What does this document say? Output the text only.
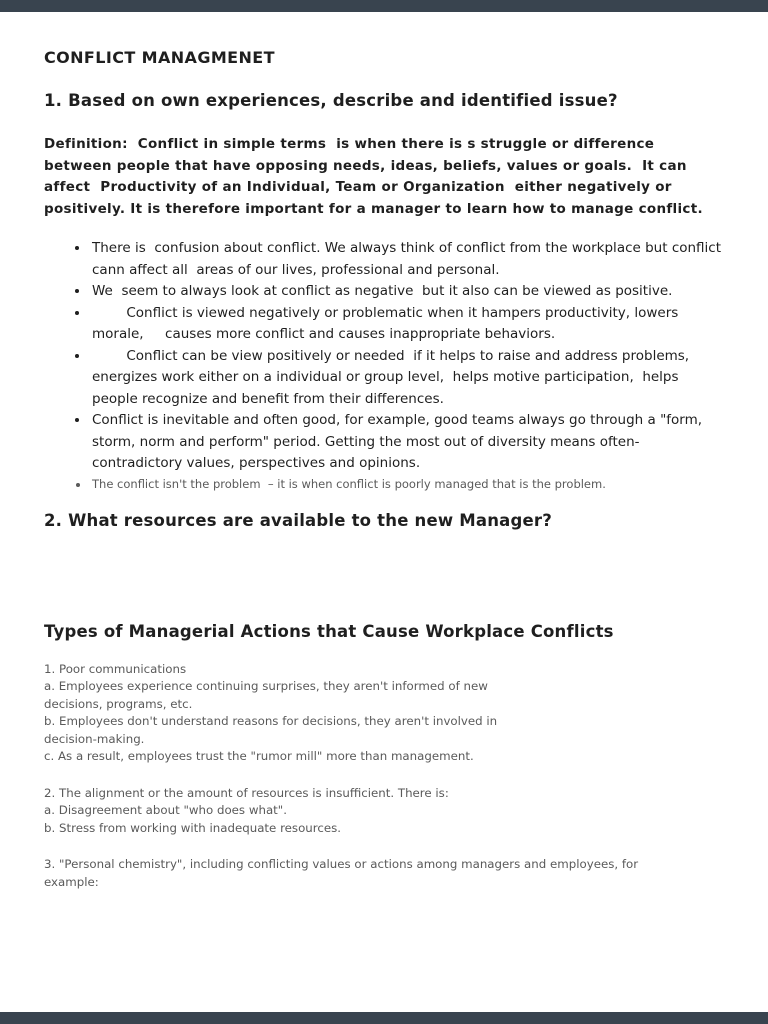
CONFLICT MANAGMENET
1. Based on own experiences, describe and identified issue?

Definition:  Conflict in simple terms  is when there is s struggle or difference between people that have opposing needs, ideas, beliefs, values or goals.  It can affect  Productivity of an Individual, Team or Organization  either negatively or positively. It is therefore important for a manager to learn how to manage conflict.

• There is  confusion about conflict. We always think of conflict from the workplace but conflict cann affect all  areas of our lives, professional and personal.
• We  seem to always look at conflict as negative  but it also can be viewed as positive.
•         Conflict is viewed negatively or problematic when it hampers productivity, lowers morale,     causes more conflict and causes inappropriate behaviors.
•         Conflict can be view positively or needed  if it helps to raise and address problems,   energizes work either on a individual or group level,  helps motive participation,  helps      people recognize and benefit from their differences.
• Conflict is inevitable and often good, for example, good teams always go through a "form, storm, norm and perform" period. Getting the most out of diversity means often-contradictory values, perspectives and opinions.
• The conflict isn't the problem  – it is when conflict is poorly managed that is the problem.
2. What resources are available to the new Manager?
Types of Managerial Actions that Cause Workplace Conflicts
1. Poor communications
a. Employees experience continuing surprises, they aren't informed of new
decisions, programs, etc.
b. Employees don't understand reasons for decisions, they aren't involved in
decision-making.
c. As a result, employees trust the "rumor mill" more than management.
2. The alignment or the amount of resources is insufficient. There is:
a. Disagreement about "who does what".
b. Stress from working with inadequate resources.
3. "Personal chemistry", including conflicting values or actions among managers and employees, for
example:
